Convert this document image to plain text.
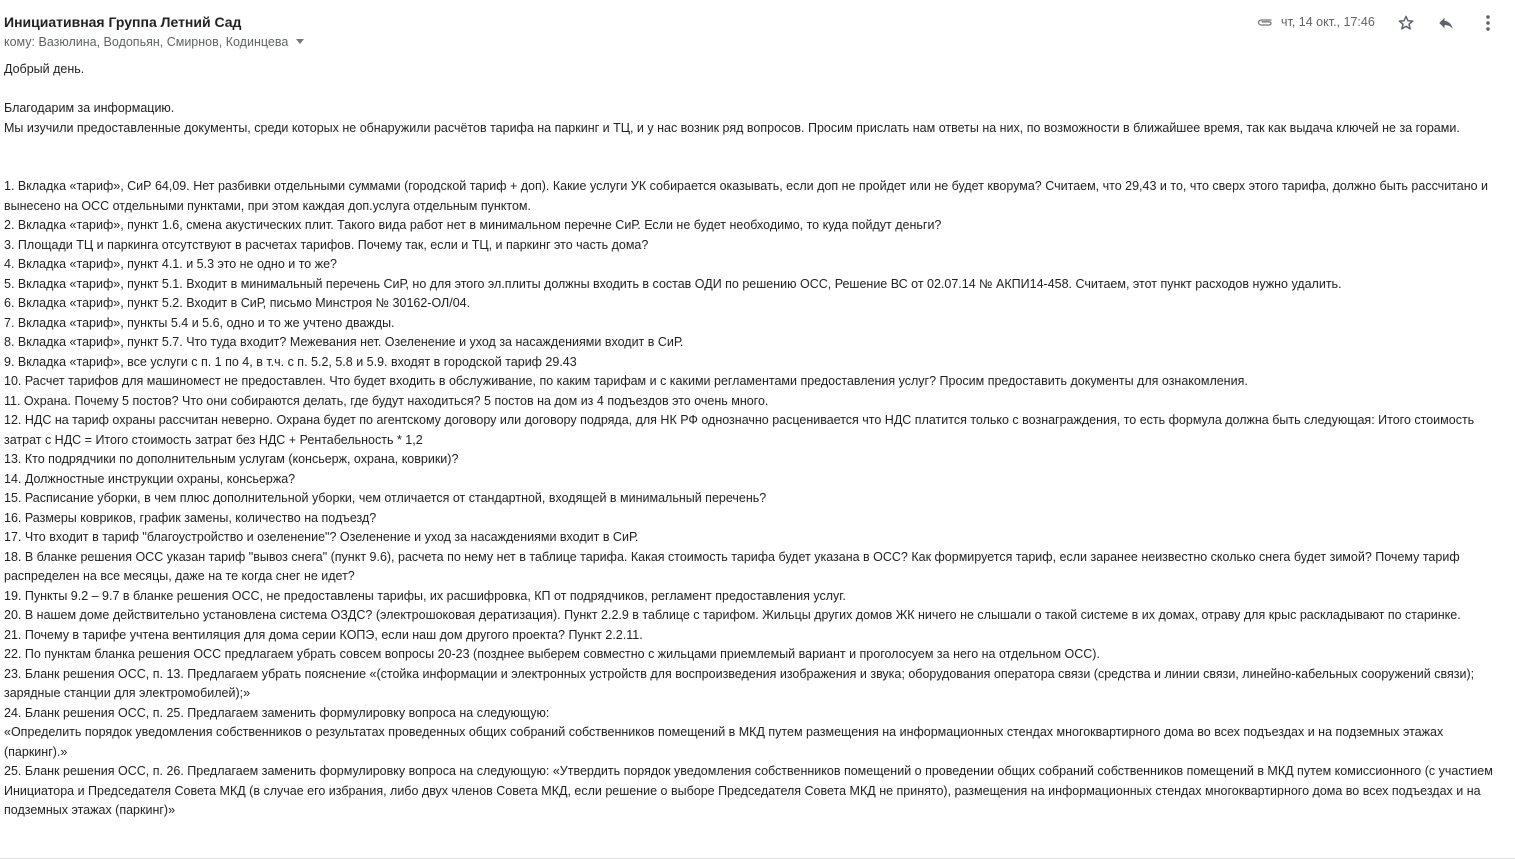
Инициативная Группа Летний Сад
кому: Вазюлина, Водопьян, Смирнов, Кодинцева
чт, 14 окт., 17:46

Добрый день.

Благодарим за информацию.

Мы изучили предоставленные документы, среди которых не обнаружили расчётов тарифа на паркинг и ТЦ, и у нас возник ряд вопросов. Просим прислать нам ответы на них, по возможности в ближайшее время, так как выдача ключей не за горами.

1. Вкладка «тариф», СиР 64,09. Нет разбивки отдельными суммами (городской тариф + доп). Какие услуги УК собирается оказывать, если доп не пройдет или не будет кворума? Считаем, что 29,43 и то, что сверх этого тарифа, должно быть рассчитано и вынесено на ОСС отдельными пунктами, при этом каждая доп.услуга отдельным пунктом.

2. Вкладка «тариф», пункт 1.6, смена акустических плит. Такого вида работ нет в минимальном перечне СиР. Если не будет необходимо, то куда пойдут деньги?

3. Площади ТЦ и паркинга отсутствуют в расчетах тарифов. Почему так, если и ТЦ, и паркинг это часть дома?

4. Вкладка «тариф», пункт 4.1. и 5.3 это не одно и то же?

5. Вкладка «тариф», пункт 5.1. Входит в минимальный перечень СиР, но для этого эл.плиты должны входить в состав ОДИ по решению ОСС, Решение ВС от 02.07.14 № АКПИ14-458. Считаем, этот пункт расходов нужно удалить.

6. Вкладка «тариф», пункт 5.2. Входит в СиР, письмо Минстроя № 30162-ОЛ/04.

7. Вкладка «тариф», пункты 5.4 и 5.6, одно и то же учтено дважды.

8. Вкладка «тариф», пункт 5.7. Что туда входит? Межевания нет. Озеленение и уход за насаждениями входит в СиР.

9. Вкладка «тариф», все услуги с п. 1 по 4, в т.ч. с п. 5.2, 5.8 и 5.9. входят в городской тариф 29.43

10. Расчет тарифов для машиномест не предоставлен. Что будет входить в обслуживание, по каким тарифам и с какими регламентами предоставления услуг? Просим предоставить документы для ознакомления.

11. Охрана. Почему 5 постов? Что они собираются делать, где будут находиться? 5 постов на дом из 4 подъездов это очень много.

12. НДС на тариф охраны рассчитан неверно. Охрана будет по агентскому договору или договору подряда, для НК РФ однозначно расценивается что НДС платится только с вознаграждения, то есть формула должна быть следующая: Итого стоимость затрат с НДС = Итого стоимость затрат без НДС + Рентабельность * 1,2

13. Кто подрядчики по дополнительным услугам (консьерж, охрана, коврики)?

14. Должностные инструкции охраны, консьержа?

15. Расписание уборки, в чем плюс дополнительной уборки, чем отличается от стандартной, входящей в минимальный перечень?

16. Размеры ковриков, график замены, количество на подъезд?

17. Что входит в тариф "благоустройство и озеленение"? Озеленение и уход за насаждениями входит в СиР.

18. В бланке решения ОСС указан тариф "вывоз снега" (пункт 9.6), расчета по нему нет в таблице тарифа. Какая стоимость тарифа будет указана в ОСС? Как формируется тариф, если заранее неизвестно сколько снега будет зимой? Почему тариф распределен на все месяцы, даже на те когда снег не идет?

19. Пункты 9.2 – 9.7 в бланке решения ОСС, не предоставлены тарифы, их расшифровка, КП от подрядчиков, регламент предоставления услуг.

20. В нашем доме действительно установлена система ОЗДС? (электрошоковая дератизация). Пункт 2.2.9 в таблице с тарифом. Жильцы других домов ЖК ничего не слышали о такой системе в их домах, отраву для крыс раскладывают по старинке.

21. Почему в тарифе учтена вентиляция для дома серии КОПЭ, если наш дом другого проекта? Пункт 2.2.11.

22. По пунктам бланка решения ОСС предлагаем убрать совсем вопросы 20-23 (позднее выберем совместно с жильцами приемлемый вариант и проголосуем за него на отдельном ОСС).

23. Бланк решения ОСС, п. 13. Предлагаем убрать пояснение «(стойка информации и электронных устройств для воспроизведения изображения и звука; оборудования оператора связи (средства и линии связи, линейно-кабельных сооружений связи); зарядные станции для электромобилей);»

24. Бланк решения ОСС, п. 25. Предлагаем заменить формулировку вопроса на следующую:

«Определить порядок уведомления собственников о результатах проведенных общих собраний собственников помещений в МКД путем размещения на информационных стендах многоквартирного дома во всех подъездах и на подземных этажах (паркинг).»

25. Бланк решения ОСС, п. 26. Предлагаем заменить формулировку вопроса на следующую: «Утвердить порядок уведомления собственников помещений о проведении общих собраний собственников помещений в МКД путем комиссионного (с участием Инициатора и Председателя Совета МКД (в случае его избрания, либо двух членов Совета МКД, если решение о выборе Председателя Совета МКД не принято), размещения на информационных стендах многоквартирного дома во всех подъездах и на подземных этажах (паркинг)»
